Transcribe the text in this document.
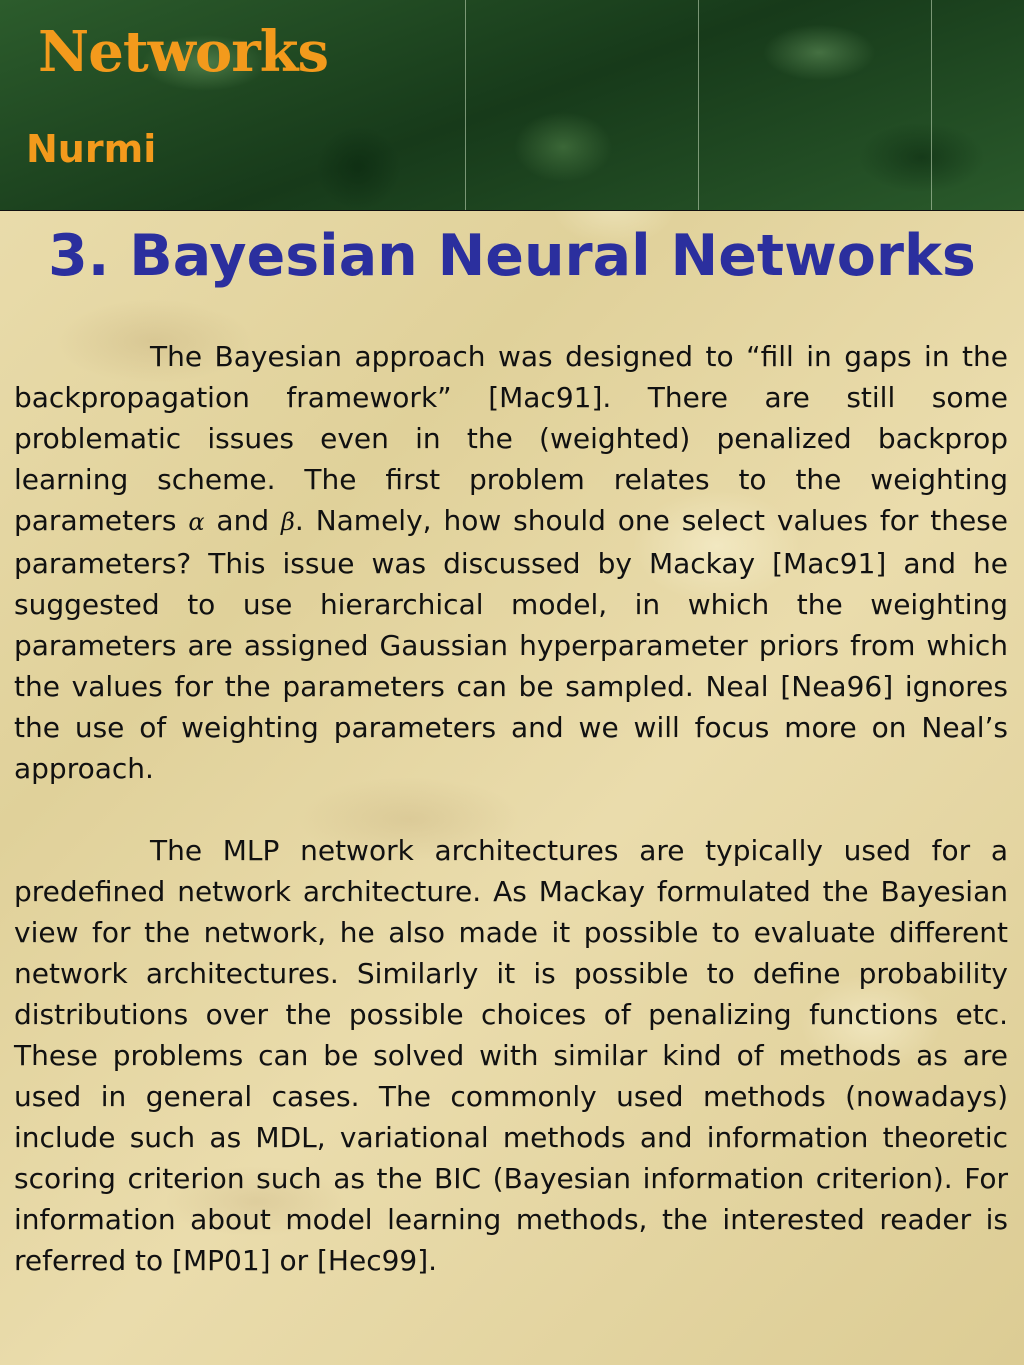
Networks
Nurmi
3. Bayesian Neural Networks

The Bayesian approach was designed to “fill in gaps in the backpropagation framework” [Mac91]. There are still some problematic issues even in the (weighted) penalized backprop learning scheme. The first problem relates to the weighting parameters α and β. Namely, how should one select values for these parameters? This issue was discussed by Mackay [Mac91] and he suggested to use hierarchical model, in which the weighting parameters are assigned Gaussian hyperparameter priors from which the values for the parameters can be sampled. Neal [Nea96] ignores the use of weighting parameters and we will focus more on Neal’s approach.

The MLP network architectures are typically used for a predefined network architecture. As Mackay formulated the Bayesian view for the network, he also made it possible to evaluate different network architectures. Similarly it is possible to define probability distributions over the possible choices of penalizing functions etc. These problems can be solved with similar kind of methods as are used in general cases. The commonly used methods (nowadays) include such as MDL, variational methods and information theoretic scoring criterion such as the BIC (Bayesian information criterion). For information about model learning methods, the interested reader is referred to [MP01] or [Hec99].
